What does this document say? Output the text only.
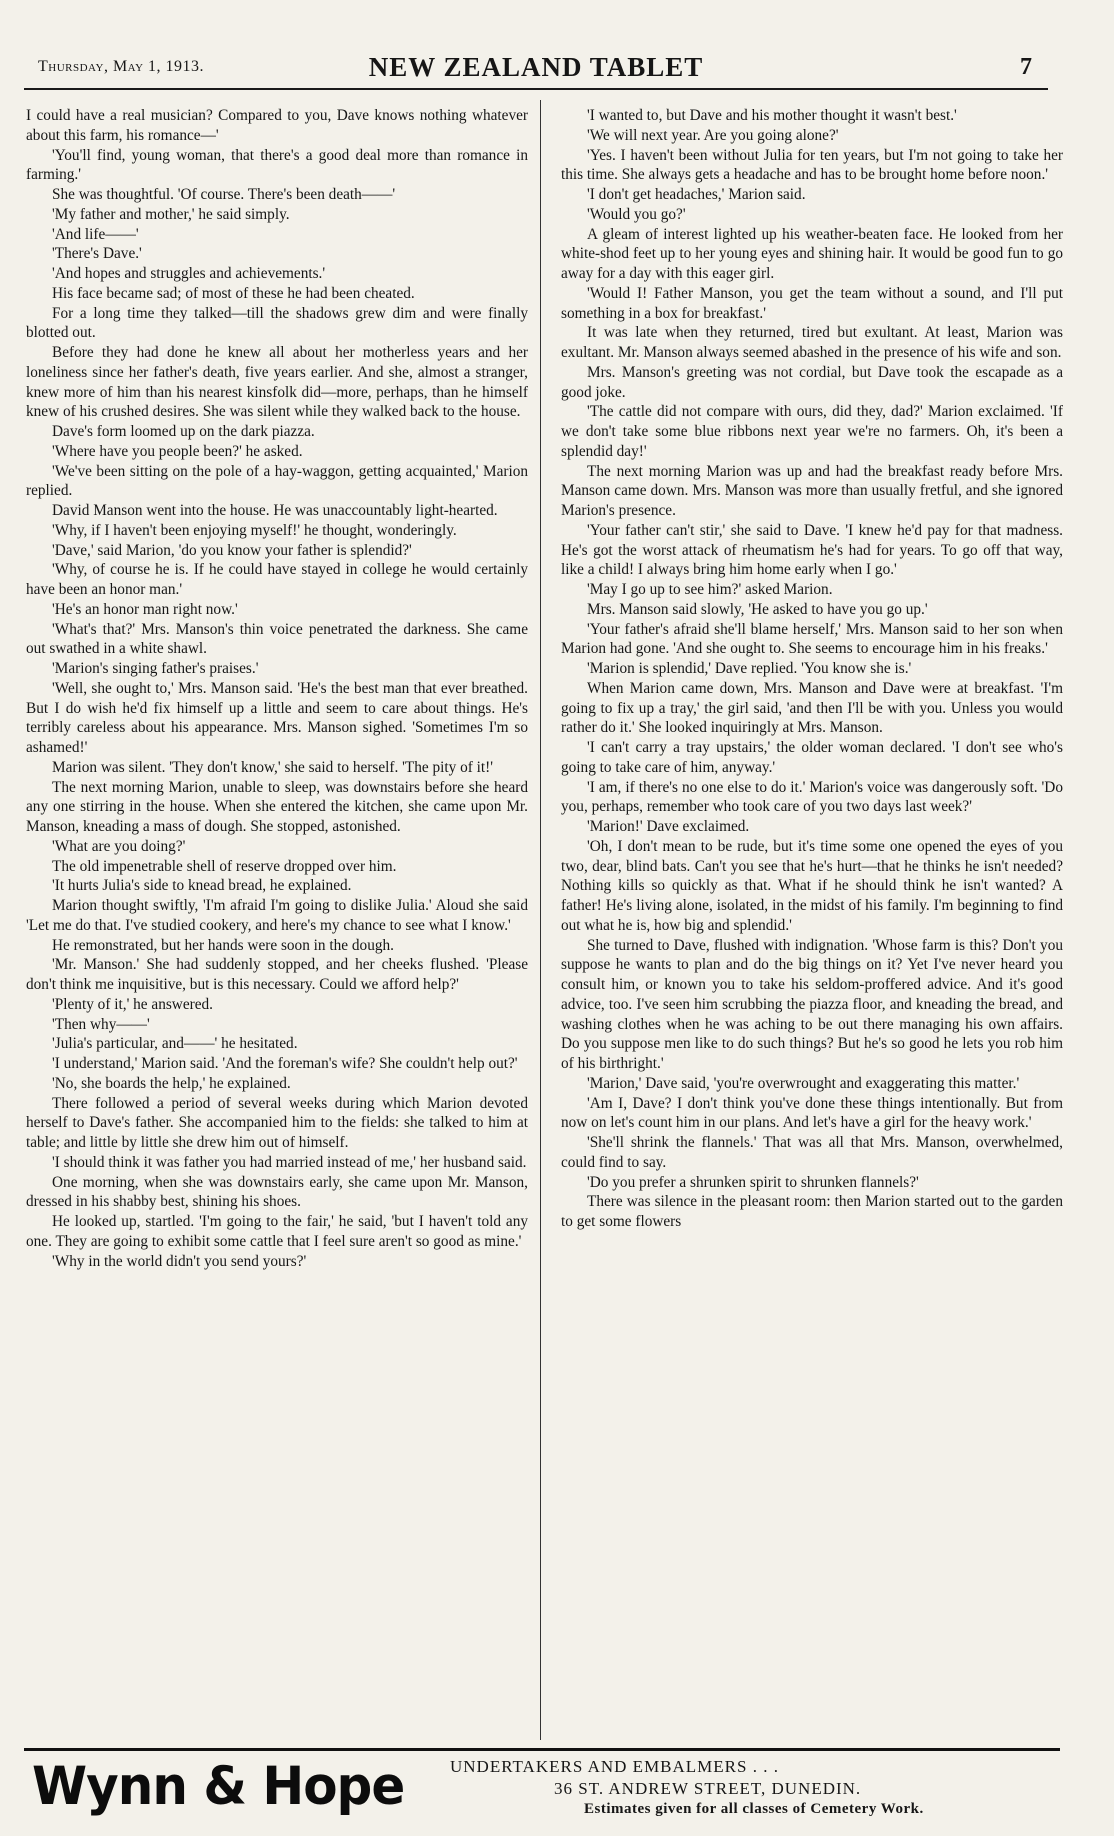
Thursday, May 1, 1913.	NEW ZEALAND TABLET	7

I could have a real musician? Compared to you, Dave knows nothing whatever about this farm, his romance—'

'You'll find, young woman, that there's a good deal more than romance in farming.'

She was thoughtful. 'Of course. There's been death——'

'My father and mother,' he said simply.

'And life——'

'There's Dave.'

'And hopes and struggles and achievements.'

His face became sad; of most of these he had been cheated.

For a long time they talked—till the shadows grew dim and were finally blotted out.

Before they had done he knew all about her motherless years and her loneliness since her father's death, five years earlier. And she, almost a stranger, knew more of him than his nearest kinsfolk did—more, perhaps, than he himself knew of his crushed desires. She was silent while they walked back to the house.

Dave's form loomed up on the dark piazza.

'Where have you people been?' he asked.

'We've been sitting on the pole of a hay-waggon, getting acquainted,' Marion replied.

David Manson went into the house. He was unaccountably light-hearted.

'Why, if I haven't been enjoying myself!' he thought, wonderingly.

'Dave,' said Marion, 'do you know your father is splendid?'

'Why, of course he is. If he could have stayed in college he would certainly have been an honor man.'

'He's an honor man right now.'

'What's that?' Mrs. Manson's thin voice penetrated the darkness. She came out swathed in a white shawl.

'Marion's singing father's praises.'

'Well, she ought to,' Mrs. Manson said. 'He's the best man that ever breathed. But I do wish he'd fix himself up a little and seem to care about things. He's terribly careless about his appearance. Mrs. Manson sighed. 'Sometimes I'm so ashamed!'

Marion was silent. 'They don't know,' she said to herself. 'The pity of it!'

The next morning Marion, unable to sleep, was downstairs before she heard any one stirring in the house. When she entered the kitchen, she came upon Mr. Manson, kneading a mass of dough. She stopped, astonished.

'What are you doing?'

The old impenetrable shell of reserve dropped over him.

'It hurts Julia's side to knead bread, he explained.

Marion thought swiftly, 'I'm afraid I'm going to dislike Julia.' Aloud she said 'Let me do that. I've studied cookery, and here's my chance to see what I know.'

He remonstrated, but her hands were soon in the dough.

'Mr. Manson.' She had suddenly stopped, and her cheeks flushed. 'Please don't think me inquisitive, but is this necessary. Could we afford help?'

'Plenty of it,' he answered.

'Then why——'

'Julia's particular, and——' he hesitated.

'I understand,' Marion said. 'And the foreman's wife? She couldn't help out?'

'No, she boards the help,' he explained.

There followed a period of several weeks during which Marion devoted herself to Dave's father. She accompanied him to the fields: she talked to him at table; and little by little she drew him out of himself.

'I should think it was father you had married instead of me,' her husband said.

One morning, when she was downstairs early, she came upon Mr. Manson, dressed in his shabby best, shining his shoes.

He looked up, startled. 'I'm going to the fair,' he said, 'but I haven't told any one. They are going to exhibit some cattle that I feel sure aren't so good as mine.'

'Why in the world didn't you send yours?'

'I wanted to, but Dave and his mother thought it wasn't best.'

'We will next year. Are you going alone?'

'Yes. I haven't been without Julia for ten years, but I'm not going to take her this time. She always gets a headache and has to be brought home before noon.'

'I don't get headaches,' Marion said.

'Would you go?'

A gleam of interest lighted up his weather-beaten face. He looked from her white-shod feet up to her young eyes and shining hair. It would be good fun to go away for a day with this eager girl.

'Would I! Father Manson, you get the team without a sound, and I'll put something in a box for breakfast.'

It was late when they returned, tired but exultant. At least, Marion was exultant. Mr. Manson always seemed abashed in the presence of his wife and son.

Mrs. Manson's greeting was not cordial, but Dave took the escapade as a good joke.

'The cattle did not compare with ours, did they, dad?' Marion exclaimed. 'If we don't take some blue ribbons next year we're no farmers. Oh, it's been a splendid day!'

The next morning Marion was up and had the breakfast ready before Mrs. Manson came down. Mrs. Manson was more than usually fretful, and she ignored Marion's presence.

'Your father can't stir,' she said to Dave. 'I knew he'd pay for that madness. He's got the worst attack of rheumatism he's had for years. To go off that way, like a child! I always bring him home early when I go.'

'May I go up to see him?' asked Marion.

Mrs. Manson said slowly, 'He asked to have you go up.'

'Your father's afraid she'll blame herself,' Mrs. Manson said to her son when Marion had gone. 'And she ought to. She seems to encourage him in his freaks.'

'Marion is splendid,' Dave replied. 'You know she is.'

When Marion came down, Mrs. Manson and Dave were at breakfast. 'I'm going to fix up a tray,' the girl said, 'and then I'll be with you. Unless you would rather do it.' She looked inquiringly at Mrs. Manson.

'I can't carry a tray upstairs,' the older woman declared. 'I don't see who's going to take care of him, anyway.'

'I am, if there's no one else to do it.' Marion's voice was dangerously soft. 'Do you, perhaps, remember who took care of you two days last week?'

'Marion!' Dave exclaimed.

'Oh, I don't mean to be rude, but it's time some one opened the eyes of you two, dear, blind bats. Can't you see that he's hurt—that he thinks he isn't needed? Nothing kills so quickly as that. What if he should think he isn't wanted? A father! He's living alone, isolated, in the midst of his family. I'm beginning to find out what he is, how big and splendid.'

She turned to Dave, flushed with indignation. 'Whose farm is this? Don't you suppose he wants to plan and do the big things on it? Yet I've never heard you consult him, or known you to take his seldom-proffered advice. And it's good advice, too. I've seen him scrubbing the piazza floor, and kneading the bread, and washing clothes when he was aching to be out there managing his own affairs. Do you suppose men like to do such things? But he's so good he lets you rob him of his birthright.'

'Marion,' Dave said, 'you're overwrought and exaggerating this matter.'

'Am I, Dave? I don't think you've done these things intentionally. But from now on let's count him in our plans. And let's have a girl for the heavy work.'

'She'll shrink the flannels.' That was all that Mrs. Manson, overwhelmed, could find to say.

'Do you prefer a shrunken spirit to shrunken flannels?'

There was silence in the pleasant room: then Marion started out to the garden to get some flowers

Wynn & Hope	UNDERTAKERS AND EMBALMERS . . .
36 ST. ANDREW STREET, DUNEDIN.
Estimates given for all classes of Cemetery Work.
